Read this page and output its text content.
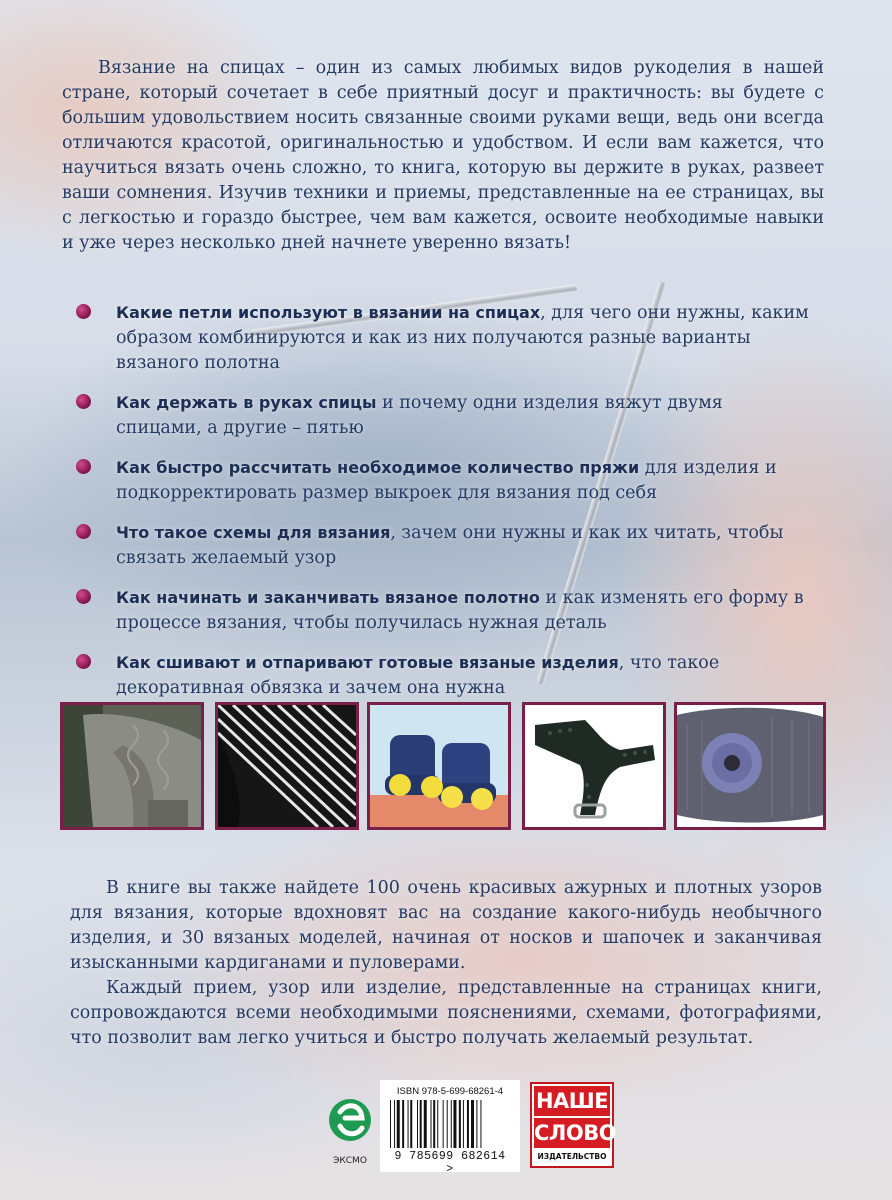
Вязание на спицах – один из самых любимых видов рукоделия в нашей стране, который сочетает в себе приятный досуг и практичность: вы будете с большим удовольствием носить связанные своими руками вещи, ведь они всегда отличаются красотой, оригинальностью и удобством. И если вам кажется, что научиться вязать очень сложно, то книга, которую вы держите в руках, развеет ваши сомнения. Изучив техники и приемы, представленные на ее страницах, вы с легкостью и гораздо быстрее, чем вам кажется, освоите необходимые навыки и уже через несколько дней начнете уверенно вязать!

Какие петли используют в вязании на спицах, для чего они нужны, каким образом комбинируются и как из них получаются разные варианты вязаного полотна
Как держать в руках спицы и почему одни изделия вяжут двумя спицами, а другие – пятью
Как быстро рассчитать необходимое количество пряжи для изделия и подкорректировать размер выкроек для вязания под себя
Что такое схемы для вязания, зачем они нужны и как их читать, чтобы связать желаемый узор
Как начинать и заканчивать вязаное полотно и как изменять его форму в процессе вязания, чтобы получилась нужная деталь
Как сшивают и отпаривают готовые вязаные изделия, что такое декоративная обвязка и зачем она нужна

В книге вы также найдете 100 очень красивых ажурных и плотных узоров для вязания, которые вдохновят вас на создание какого-нибудь необычного изделия, и 30 вязаных моделей, начиная от носков и шапочек и заканчивая изысканными кардиганами и пуловерами.

Каждый прием, узор или изделие, представленные на страницах книги, сопровождаются всеми необходимыми пояснениями, схемами, фотографиями, что позволит вам легко учиться и быстро получать желаемый результат.

ЭКСМО
ISBN 978-5-699-68261-4
9 785699 682614 >
НАШЕ
СЛОВО
ИЗДАТЕЛЬСТВО
